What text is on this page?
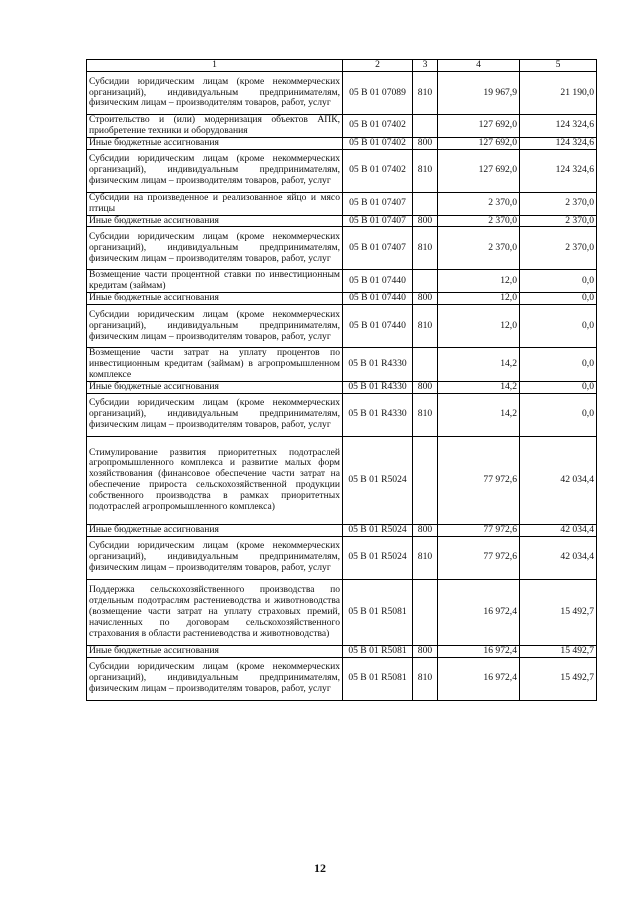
1	2	3	4	5
Субсидии юридическим лицам (кроме некоммерческих организаций), индивидуальным предпринимателям, физическим лицам – производителям товаров, работ, услуг	05 В 01 07089	810	19 967,9	21 190,0
Строительство и (или) модернизация объектов АПК, приобретение техники и оборудования	05 В 01 07402		127 692,0	124 324,6
Иные бюджетные ассигнования	05 В 01 07402	800	127 692,0	124 324,6
Субсидии юридическим лицам (кроме некоммерческих организаций), индивидуальным предпринимателям, физическим лицам – производителям товаров, работ, услуг	05 В 01 07402	810	127 692,0	124 324,6
Субсидии на произведенное и реализованное яйцо и мясо птицы	05 В 01 07407		2 370,0	2 370,0
Иные бюджетные ассигнования	05 В 01 07407	800	2 370,0	2 370,0
Субсидии юридическим лицам (кроме некоммерческих организаций), индивидуальным предпринимателям, физическим лицам – производителям товаров, работ, услуг	05 В 01 07407	810	2 370,0	2 370,0
Возмещение части процентной ставки по инвестиционным кредитам (займам)	05 В 01 07440		12,0	0,0
Иные бюджетные ассигнования	05 В 01 07440	800	12,0	0,0
Субсидии юридическим лицам (кроме некоммерческих организаций), индивидуальным предпринимателям, физическим лицам – производителям товаров, работ, услуг	05 В 01 07440	810	12,0	0,0
Возмещение части затрат на уплату процентов по инвестиционным кредитам (займам) в агропромышленном комплексе	05 В 01 R4330		14,2	0,0
Иные бюджетные ассигнования	05 В 01 R4330	800	14,2	0,0
Субсидии юридическим лицам (кроме некоммерческих организаций), индивидуальным предпринимателям, физическим лицам – производителям товаров, работ, услуг	05 В 01 R4330	810	14,2	0,0
Стимулирование развития приоритетных подотраслей агропромышленного комплекса и развитие малых форм хозяйствования (финансовое обеспечение части затрат на обеспечение прироста сельскохозяйственной продукции собственного производства в рамках приоритетных подотраслей агропромышленного комплекса)	05 В 01 R5024		77 972,6	42 034,4
Иные бюджетные ассигнования	05 В 01 R5024	800	77 972,6	42 034,4
Субсидии юридическим лицам (кроме некоммерческих организаций), индивидуальным предпринимателям, физическим лицам – производителям товаров, работ, услуг	05 В 01 R5024	810	77 972,6	42 034,4
Поддержка сельскохозяйственного производства по отдельным подотраслям растениеводства и животноводства (возмещение части затрат на уплату страховых премий, начисленных по договорам сельскохозяйственного страхования в области растениеводства и животноводства)	05 В 01 R5081		16 972,4	15 492,7
Иные бюджетные ассигнования	05 В 01 R5081	800	16 972,4	15 492,7
Субсидии юридическим лицам (кроме некоммерческих организаций), индивидуальным предпринимателям, физическим лицам – производителям товаров, работ, услуг	05 В 01 R5081	810	16 972,4	15 492,7
12
